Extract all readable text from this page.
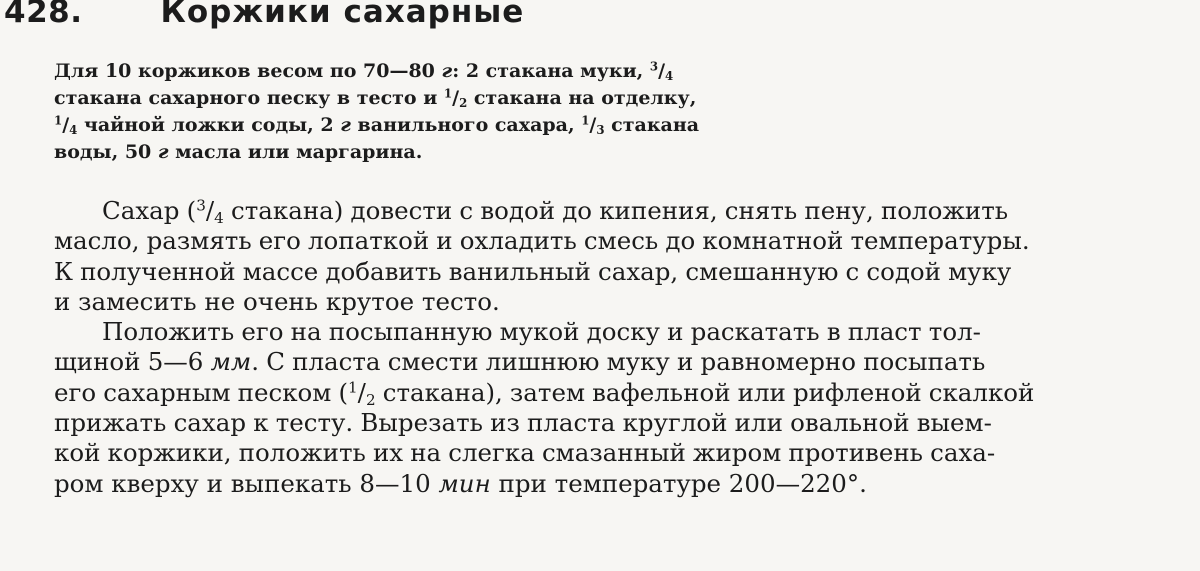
428.	Коржики сахарные
Для 10 коржиков весом по 70—80 г: 2 стакана муки, $^3/_4$
стакана сахарного песку в тесто и $^1/_2$ стакана на отделку,
$^1/_4$ чайной ложки соды, 2 г ванильного сахара, $^1/_3$ стакана
воды, 50 г масла или маргарина.
Сахар ($^3/_4$ стакана) довести с водой до кипения, снять пену, положить
масло, размять его лопаткой и охладить смесь до комнатной температуры.
К полученной массе добавить ванильный сахар, смешанную с содой муку
и замесить не очень крутое тесто.
Положить его на посыпанную мукой доску и раскатать в пласт тол-
щиной 5—6 мм. С пласта смести лишнюю муку и равномерно посыпать
его сахарным песком ($^1/_2$ стакана), затем вафельной или рифленой скалкой
прижать сахар к тесту. Вырезать из пласта круглой или овальной выем-
кой коржики, положить их на слегка смазанный жиром противень саха-
ром кверху и выпекать 8—10 мин при температуре 200—220°.
